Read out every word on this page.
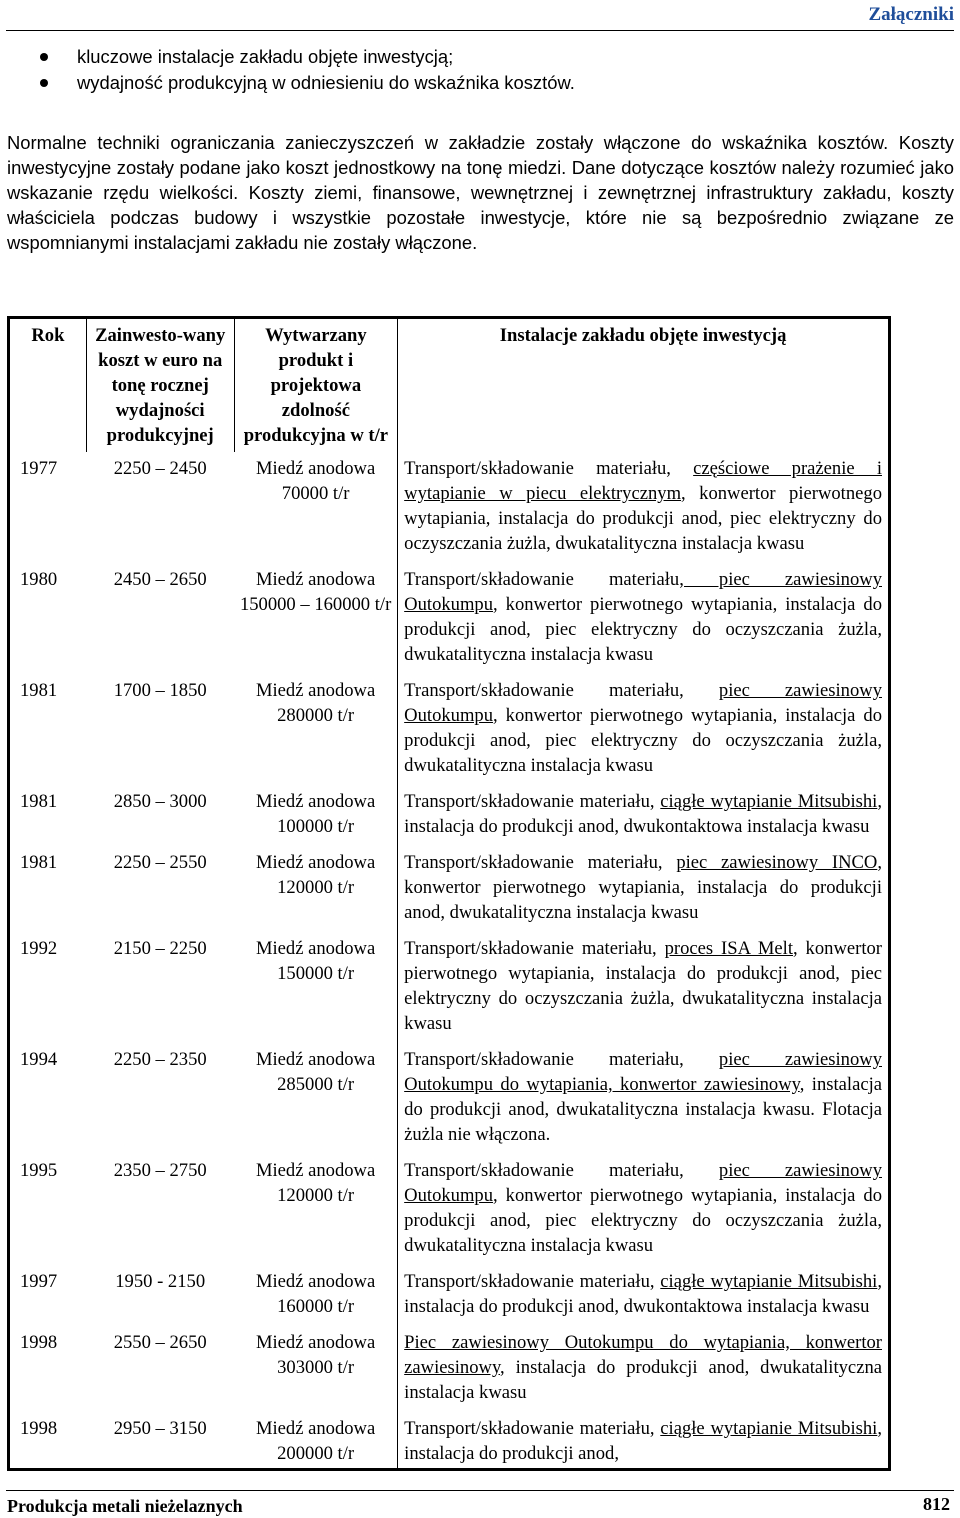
Załączniki
kluczowe instalacje zakładu objęte inwestycją;
wydajność produkcyjną w odniesieniu do wskaźnika kosztów.

Normalne techniki ograniczania zanieczyszczeń w zakładzie zostały włączone do wskaźnika kosztów. Koszty inwestycyjne zostały podane jako koszt jednostkowy na tonę miedzi. Dane dotyczące kosztów należy rozumieć jako wskazanie rzędu wielkości. Koszty ziemi, finansowe, wewnętrznej i zewnętrznej infrastruktury zakładu, koszty właściciela podczas budowy i wszystkie pozostałe inwestycje, które nie są bezpośrednio związane ze wspomnianymi instalacjami zakładu nie zostały włączone.

Rok	Zainwesto-wany koszt w euro na tonę rocznej wydajności produkcyjnej	Wytwarzany produkt i projektowa zdolność produkcyjna w t/r	Instalacje zakładu objęte inwestycją
1977	2250 – 2450	Miedź anodowa 70000 t/r	Transport/składowanie materiału, częściowe prażenie i wytapianie w piecu elektrycznym, konwertor pierwotnego wytapiania, instalacja do produkcji anod, piec elektryczny do oczyszczania żużla, dwukatalityczna instalacja kwasu
1980	2450 – 2650	Miedź anodowa 150000 – 160000 t/r	Transport/składowanie materiału, piec zawiesinowy Outokumpu, konwertor pierwotnego wytapiania, instalacja do produkcji anod, piec elektryczny do oczyszczania żużla, dwukatalityczna instalacja kwasu
1981	1700 – 1850	Miedź anodowa 280000 t/r	Transport/składowanie materiału, piec zawiesinowy Outokumpu, konwertor pierwotnego wytapiania, instalacja do produkcji anod, piec elektryczny do oczyszczania żużla, dwukatalityczna instalacja kwasu
1981	2850 – 3000	Miedź anodowa 100000 t/r	Transport/składowanie materiału, ciągłe wytapianie Mitsubishi, instalacja do produkcji anod, dwukontaktowa instalacja kwasu
1981	2250 – 2550	Miedź anodowa 120000 t/r	Transport/składowanie materiału, piec zawiesinowy INCO, konwertor pierwotnego wytapiania, instalacja do produkcji anod, dwukatalityczna instalacja kwasu
1992	2150 – 2250	Miedź anodowa 150000 t/r	Transport/składowanie materiału, proces ISA Melt, konwertor pierwotnego wytapiania, instalacja do produkcji anod, piec elektryczny do oczyszczania żużla, dwukatalityczna instalacja kwasu
1994	2250 – 2350	Miedź anodowa 285000 t/r	Transport/składowanie materiału, piec zawiesinowy Outokumpu do wytapiania, konwertor zawiesinowy, instalacja do produkcji anod, dwukatalityczna instalacja kwasu. Flotacja żużla nie włączona.
1995	2350 – 2750	Miedź anodowa 120000 t/r	Transport/składowanie materiału, piec zawiesinowy Outokumpu, konwertor pierwotnego wytapiania, instalacja do produkcji anod, piec elektryczny do oczyszczania żużla, dwukatalityczna instalacja kwasu
1997	1950 - 2150	Miedź anodowa 160000 t/r	Transport/składowanie materiału, ciągłe wytapianie Mitsubishi, instalacja do produkcji anod, dwukontaktowa instalacja kwasu
1998	2550 – 2650	Miedź anodowa 303000 t/r	Piec zawiesinowy Outokumpu do wytapiania, konwertor zawiesinowy, instalacja do produkcji anod, dwukatalityczna instalacja kwasu
1998	2950 – 3150	Miedź anodowa 200000 t/r	Transport/składowanie materiału, ciągłe wytapianie Mitsubishi, instalacja do produkcji anod,
Produkcja metali nieżelaznych	812
